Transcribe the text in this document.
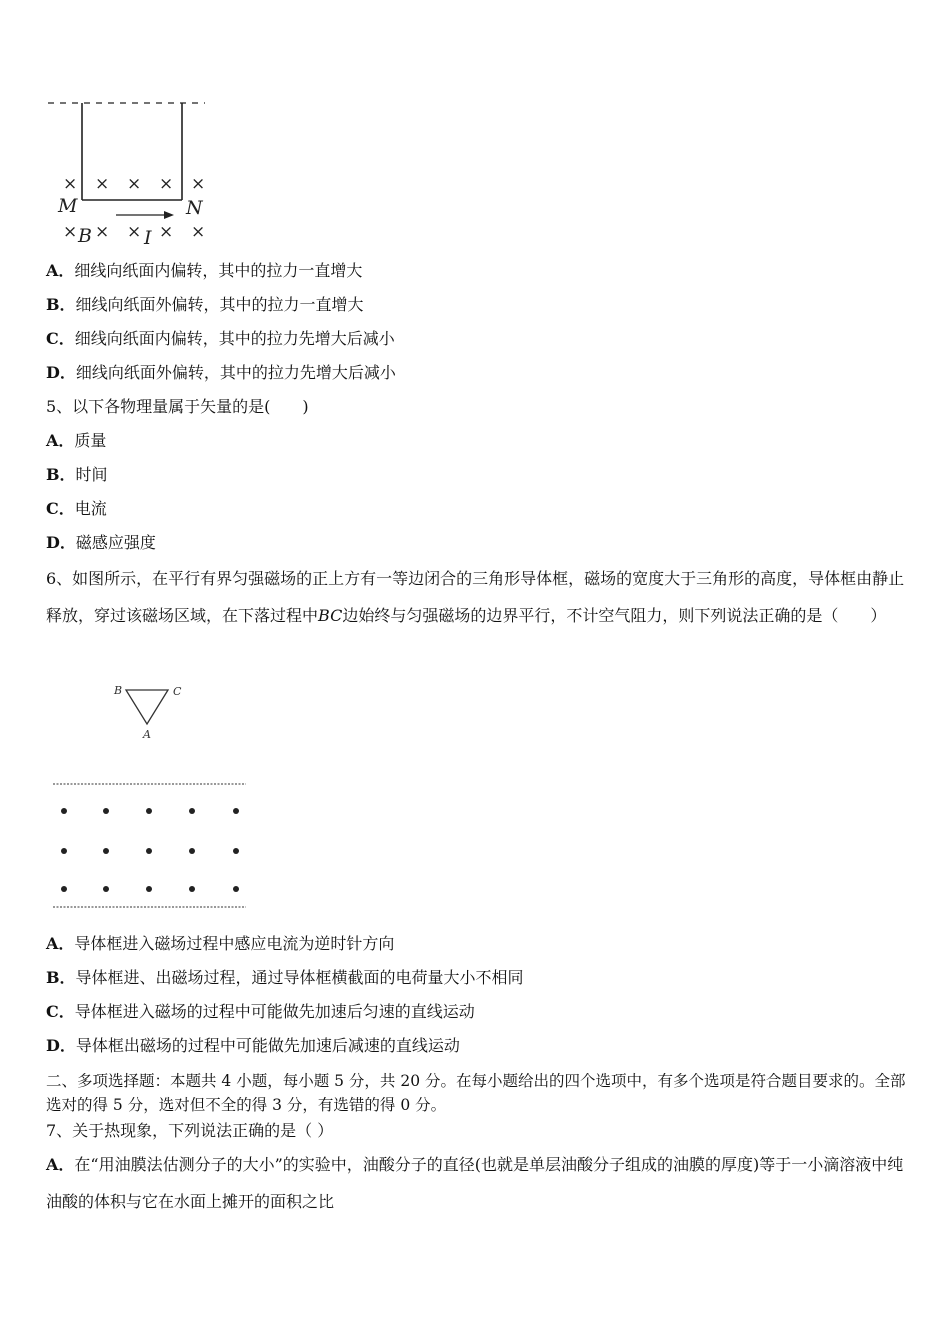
× × × × ×
× × × × ×
M	N
B	I
A．细线向纸面内偏转，其中的拉力一直增大
B．细线向纸面外偏转，其中的拉力一直增大
C．细线向纸面内偏转，其中的拉力先增大后减小
D．细线向纸面外偏转，其中的拉力先增大后减小
5、以下各物理量属于矢量的是(　　)
A．质量
B．时间
C．电流
D．磁感应强度
6、如图所示，在平行有界匀强磁场的正上方有一等边闭合的三角形导体框，磁场的宽度大于三角形的高度，导体框由静止释放，穿过该磁场区域，在下落过程中BC边始终与匀强磁场的边界平行，不计空气阻力，则下列说法正确的是（　　）
B	C
A
A．导体框进入磁场过程中感应电流为逆时针方向
B．导体框进、出磁场过程，通过导体框横截面的电荷量大小不相同
C．导体框进入磁场的过程中可能做先加速后匀速的直线运动
D．导体框出磁场的过程中可能做先加速后减速的直线运动
二、多项选择题：本题共 4 小题，每小题 5 分，共 20 分。在每小题给出的四个选项中，有多个选项是符合题目要求的。全部选对的得 5 分，选对但不全的得 3 分，有选错的得 0 分。
7、关于热现象，下列说法正确的是（ ）
A．在“用油膜法估测分子的大小”的实验中，油酸分子的直径(也就是单层油酸分子组成的油膜的厚度)等于一小滴溶液中纯油酸的体积与它在水面上摊开的面积之比
